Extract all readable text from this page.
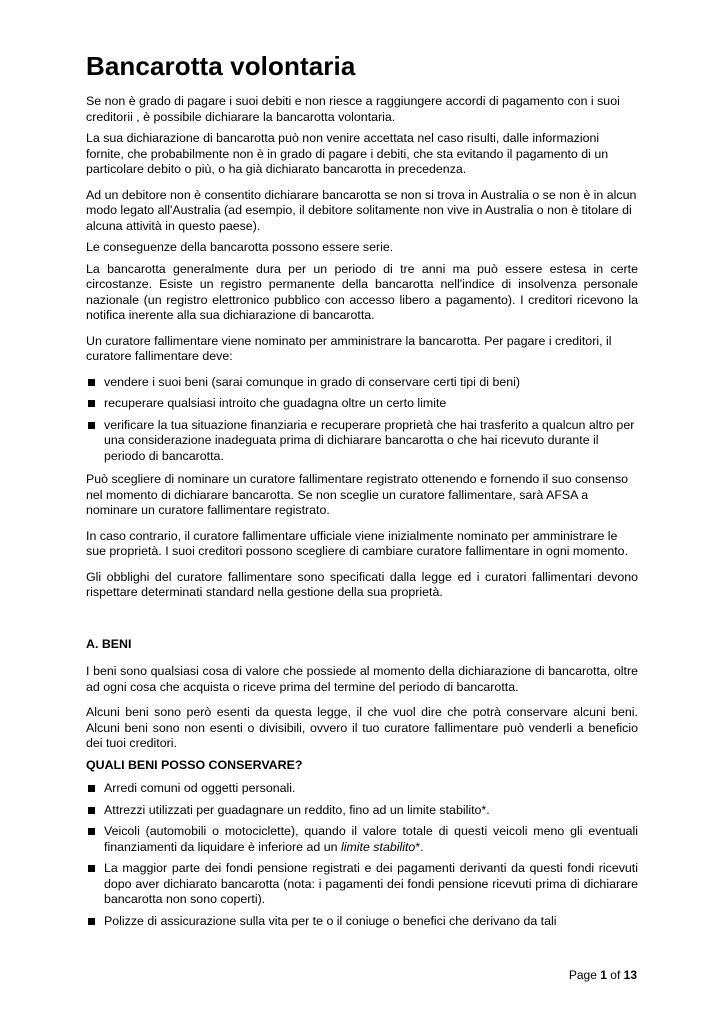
Bancarotta volontaria

Se non è grado di pagare i suoi debiti e non riesce a raggiungere accordi di pagamento con i suoi creditorii , è possibile dichiarare la bancarotta volontaria.

La sua dichiarazione di bancarotta può non venire accettata nel caso risulti, dalle informazioni fornite, che probabilmente non è in grado di pagare i debiti, che sta evitando il pagamento di un particolare debito o più, o ha già dichiarato bancarotta in precedenza.

Ad un debitore non è consentito dichiarare bancarotta se non si trova in Australia o se non è in alcun modo legato all'Australia (ad esempio, il debitore solitamente non vive in Australia o non è titolare di alcuna attività in questo paese).

Le conseguenze della bancarotta possono essere serie.

La bancarotta generalmente dura per un periodo di tre anni ma può essere estesa in certe circostanze. Esiste un registro permanente della bancarotta nell'indice di insolvenza personale nazionale (un registro elettronico pubblico con accesso libero a pagamento). I creditori ricevono la notifica inerente alla sua dichiarazione di bancarotta.

Un curatore fallimentare viene nominato per amministrare la bancarotta. Per pagare i creditori, il curatore fallimentare deve:

vendere i suoi beni (sarai comunque in grado di conservare certi tipi di beni)
recuperare qualsiasi introito che guadagna oltre un certo limite
verificare la tua situazione finanziaria e recuperare proprietà che hai trasferito a qualcun altro per una considerazione inadeguata prima di dichiarare bancarotta o che hai ricevuto durante il periodo di bancarotta.

Può scegliere di nominare un curatore fallimentare registrato ottenendo e fornendo il suo consenso nel momento di dichiarare bancarotta. Se non sceglie un curatore fallimentare, sarà AFSA a nominare un curatore fallimentare registrato.

In caso contrario, il curatore fallimentare ufficiale viene inizialmente nominato per amministrare le sue proprietà. I suoi creditori possono scegliere di cambiare curatore fallimentare in ogni momento.

Gli obblighi del curatore fallimentare sono specificati dalla legge ed i curatori fallimentari devono rispettare determinati standard nella gestione della sua proprietà.

A. BENI

I beni sono qualsiasi cosa di valore che possiede al momento della dichiarazione di bancarotta, oltre ad ogni cosa che acquista o riceve prima del termine del periodo di bancarotta.

Alcuni beni sono però esenti da questa legge, il che vuol dire che potrà conservare alcuni beni. Alcuni beni sono non esenti o divisibili, ovvero il tuo curatore fallimentare può venderli a beneficio dei tuoi creditori.

QUALI BENI POSSO CONSERVARE?
Arredi comuni od oggetti personali.
Attrezzi utilizzati per guadagnare un reddito, fino ad un limite stabilito*.
Veicoli (automobili o motociclette), quando il valore totale di questi veicoli meno gli eventuali finanziamenti da liquidare è inferiore ad un limite stabilito*.
La maggior parte dei fondi pensione registrati e dei pagamenti derivanti da questi fondi ricevuti dopo aver dichiarato bancarotta (nota: i pagamenti dei fondi pensione ricevuti prima di dichiarare bancarotta non sono coperti).
Polizze di assicurazione sulla vita per te o il coniuge o benefici che derivano da tali
Page 1 of 13
